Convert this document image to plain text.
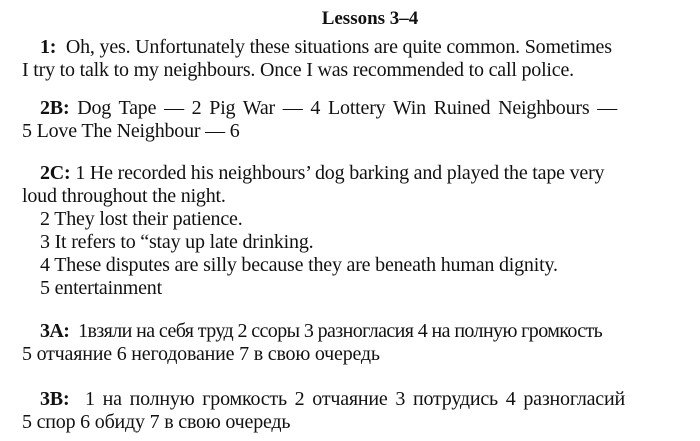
Lessons 3–4
1: Oh, yes. Unfortunately these situations are quite common. Sometimes
I try to talk to my neighbours. Once I was recommended to call police.
2B: Dog Tape — 2 Pig War — 4 Lottery Win Ruined Neighbours —
5 Love The Neighbour — 6
2C: 1 He recorded his neighbours’ dog barking and played the tape very
loud throughout the night.
2 They lost their patience.
3 It refers to “stay up late drinking.
4 These disputes are silly because they are beneath human dignity.
5 entertainment
3A: 1взяли на себя труд 2 ссоры 3 разногласия 4 на полную громкость
5 отчаяние 6 негодование 7 в свою очередь
3B: 1 на полную громкость 2 отчаяние 3 потрудись 4 разногласий
5 спор 6 обиду 7 в свою очередь
